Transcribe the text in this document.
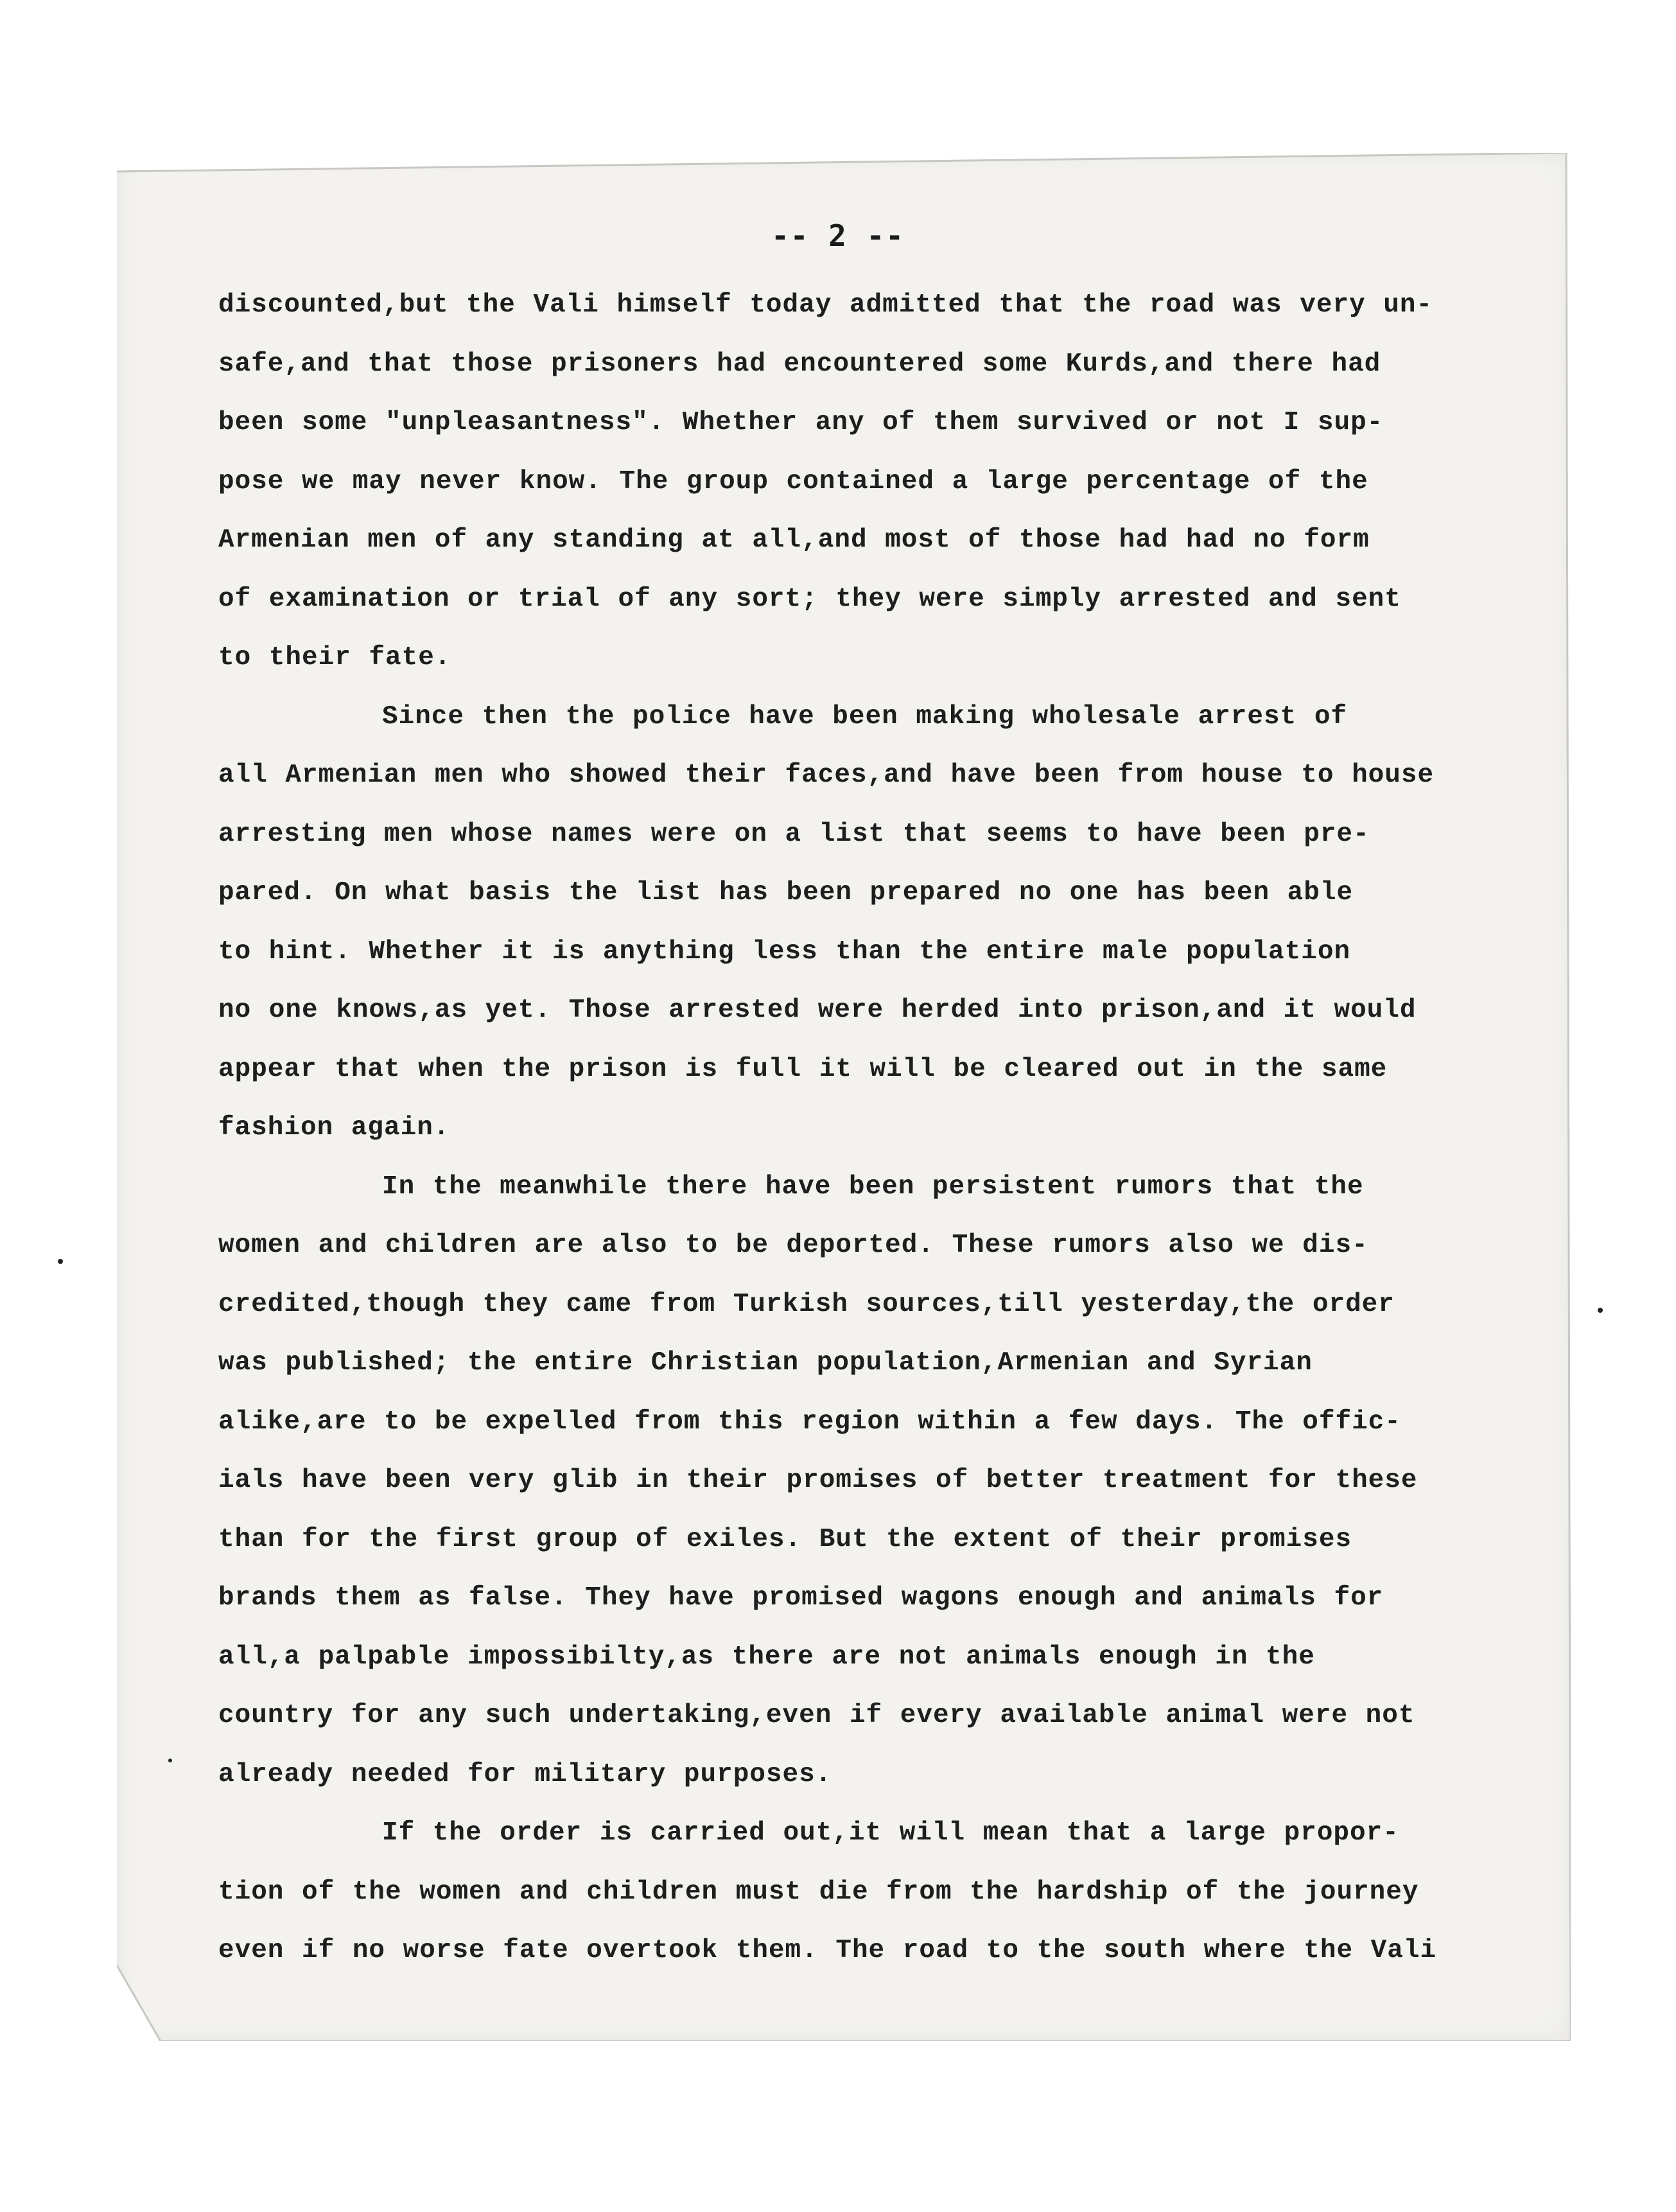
-- 2 --
discounted,but the Vali himself today admitted that the road was very un-
safe,and that those prisoners had encountered some Kurds,and there had
been some "unpleasantness". Whether any of them survived or not I sup-
pose we may never know. The group contained a large percentage of the
Armenian men of any standing at all,and most of those had had no form
of examination or trial of any sort; they were simply arrested and sent
to their fate.
Since then the police have been making wholesale arrest of
all Armenian men who showed their faces,and have been from house to house
arresting men whose names were on a list that seems to have been pre-
pared. On what basis the list has been prepared no one has been able
to hint. Whether it is anything less than the entire male population
no one knows,as yet. Those arrested were herded into prison,and it would
appear that when the prison is full it will be cleared out in the same
fashion again.
In the meanwhile there have been persistent rumors that the
women and children are also to be deported. These rumors also we dis-
credited,though they came from Turkish sources,till yesterday,the order
was published; the entire Christian population,Armenian and Syrian
alike,are to be expelled from this region within a few days. The offic-
ials have been very glib in their promises of better treatment for these
than for the first group of exiles. But the extent of their promises
brands them as false. They have promised wagons enough and animals for
all,a palpable impossibilty,as there are not animals enough in the
country for any such undertaking,even if every available animal were not
already needed for military purposes.
If the order is carried out,it will mean that a large propor-
tion of the women and children must die from the hardship of the journey
even if no worse fate overtook them. The road to the south where the Vali
